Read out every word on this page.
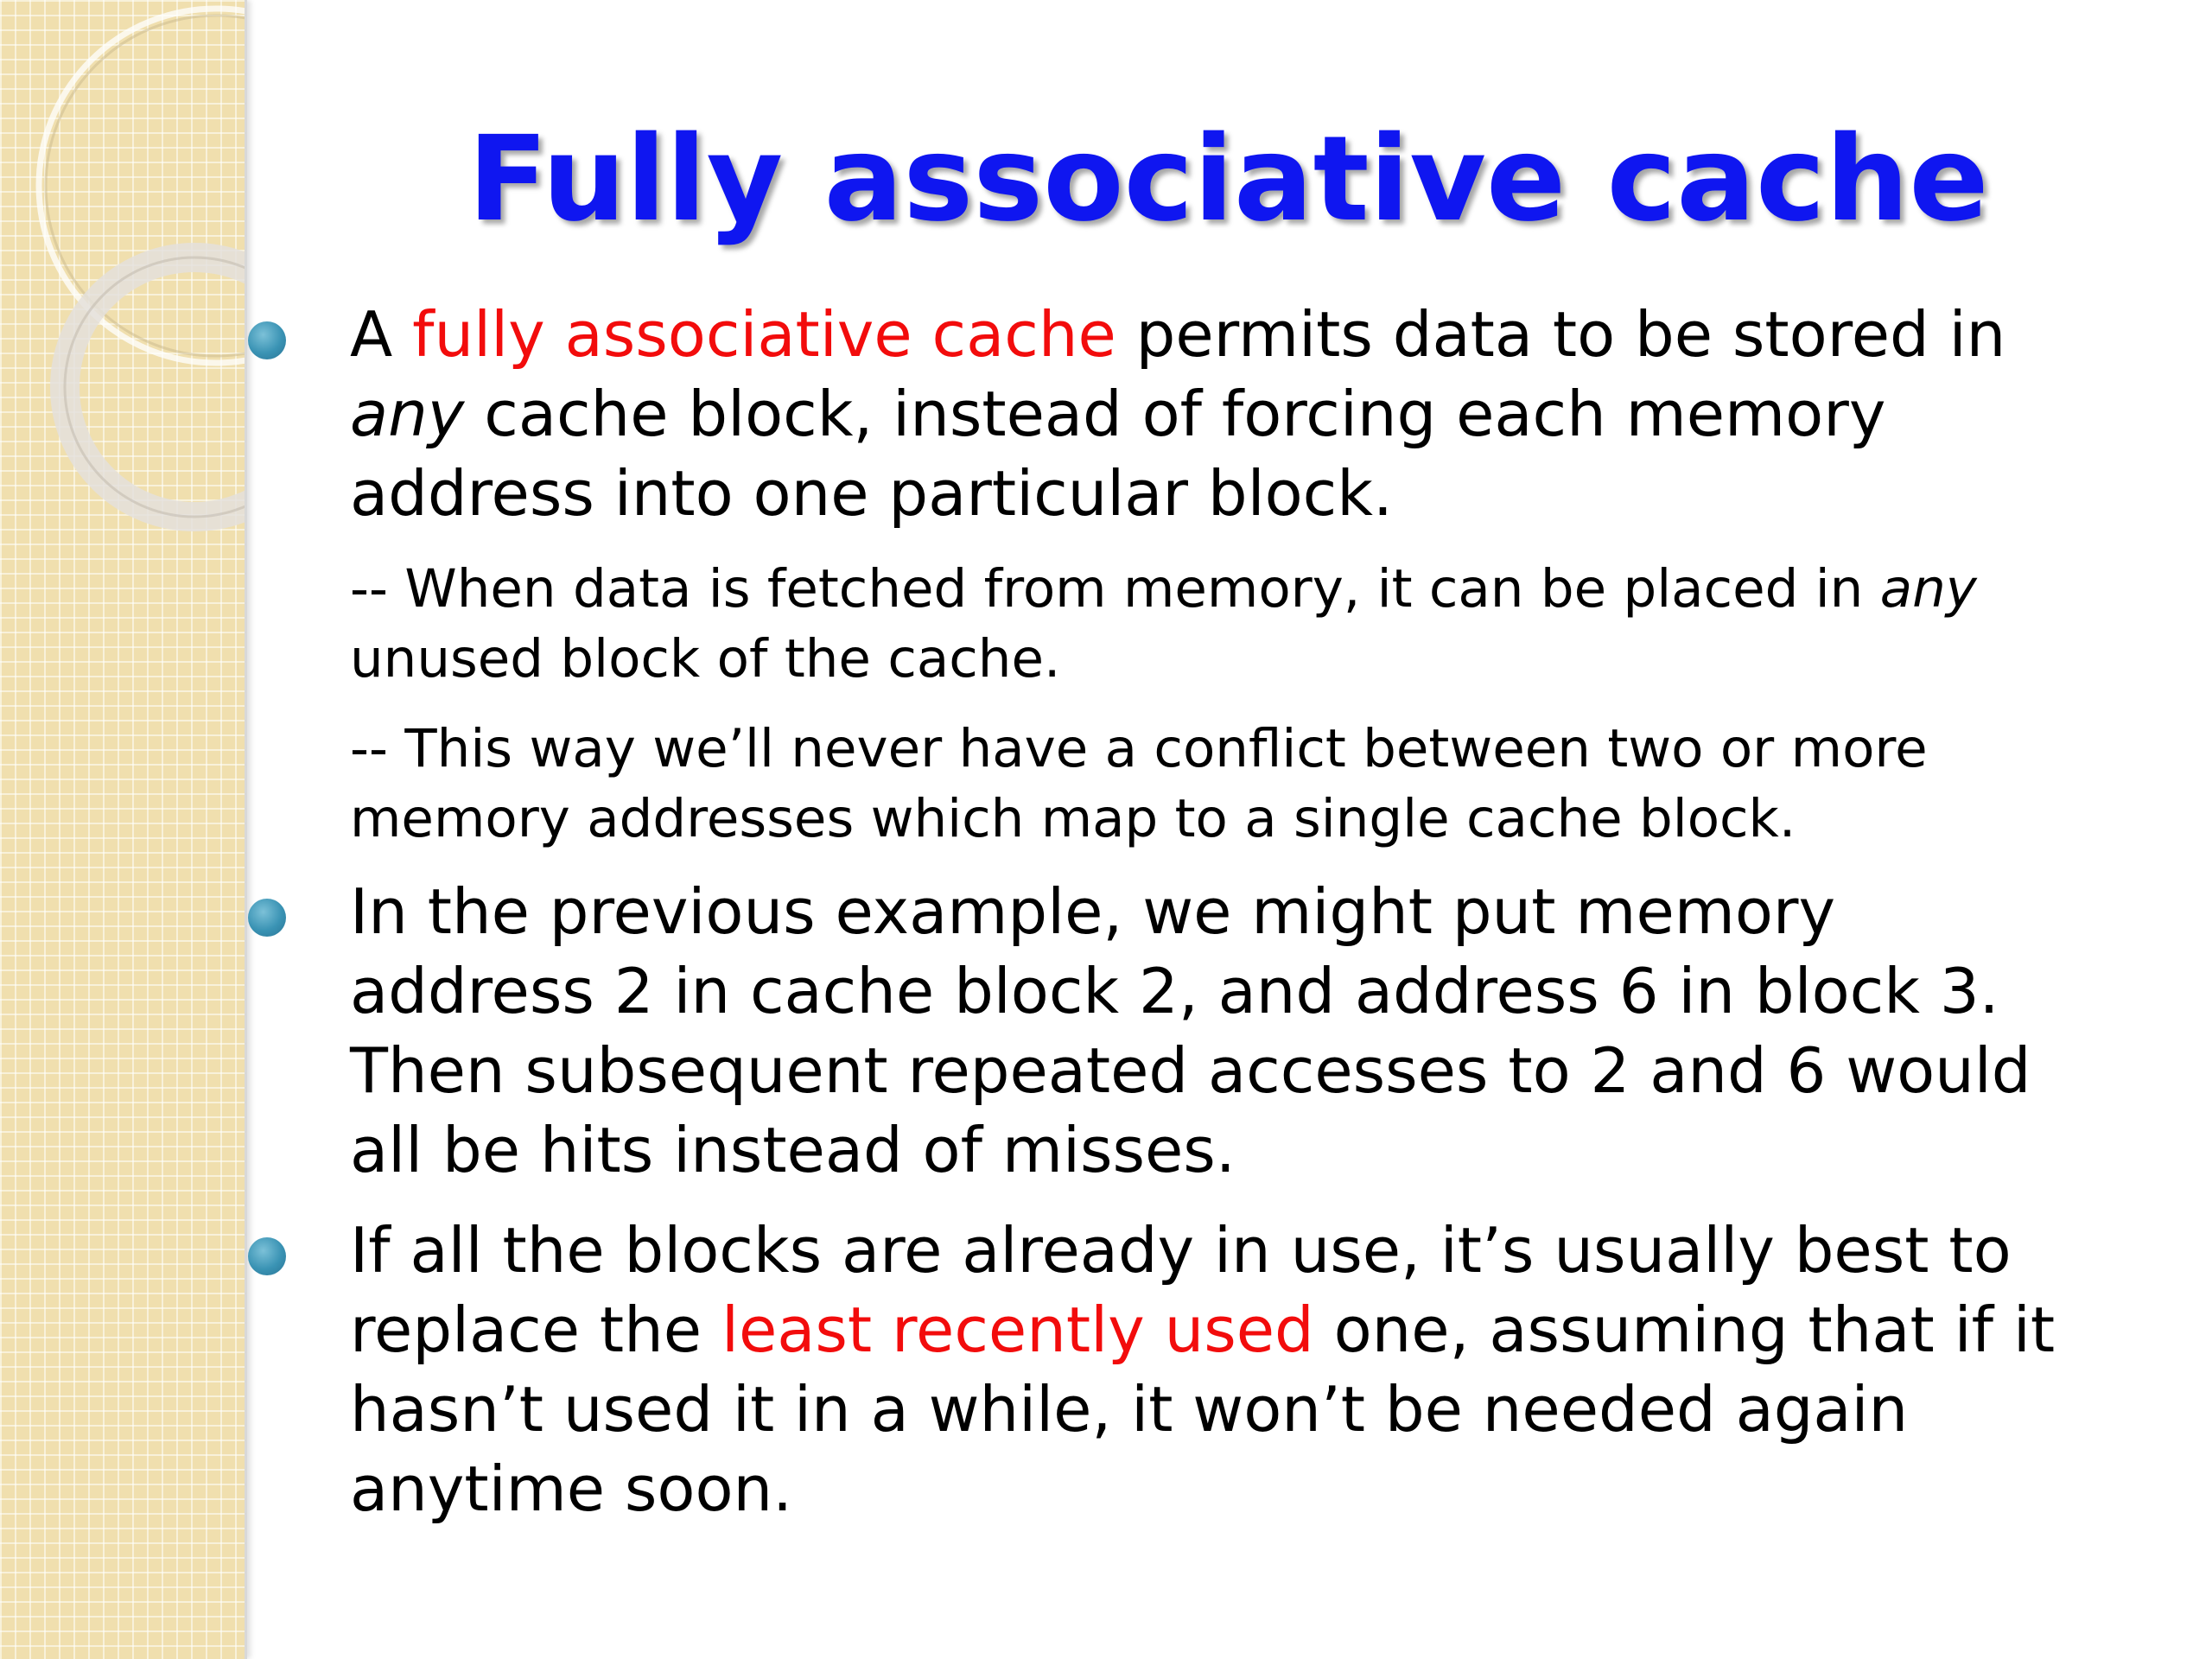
Fully associative cache
A fully associative cache permits data to be stored in
any cache block, instead of forcing each memory
address into one particular block.
-- When data is fetched from memory, it can be placed in any
unused block of the cache.
-- This way we’ll never have a conflict between two or more
memory addresses which map to a single cache block.
In the previous example, we might put memory
address 2 in cache block 2, and address 6 in block 3.
Then subsequent repeated accesses to 2 and 6 would
all be hits instead of misses.
If all the blocks are already in use, it’s usually best to
replace the least recently used one, assuming that if it
hasn’t used it in a while, it won’t be needed again
anytime soon.
